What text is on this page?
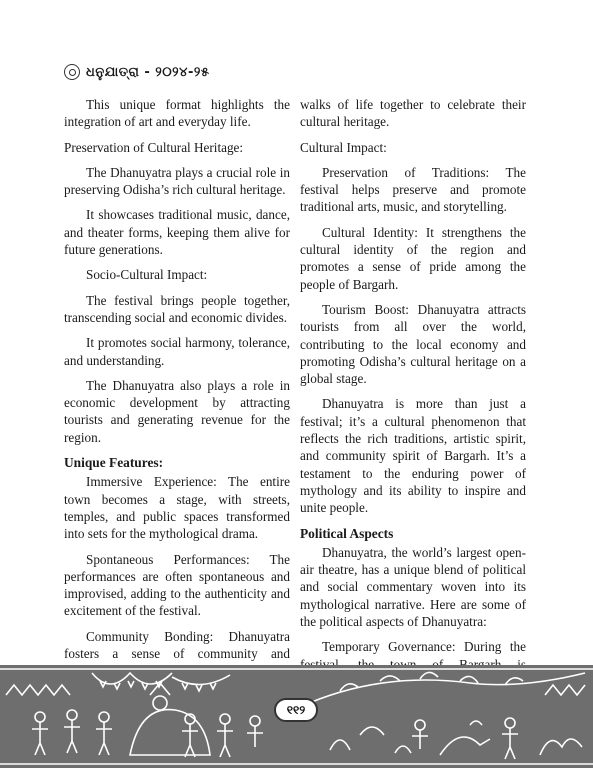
ଧନୁଯାତ୍ରା - ୨୦୨୪-୨୫

This unique format highlights the integration of art and everyday life.

Preservation of Cultural Heritage:

The Dhanuyatra plays a crucial role in preserving Odisha’s rich cultural heritage.

It showcases traditional music, dance, and theater forms, keeping them alive for future generations.

Socio-Cultural Impact:

The festival brings people together, transcending social and economic divides.

It promotes social harmony, tolerance, and understanding.

The Dhanuyatra also plays a role in economic development by attracting tourists and generating revenue for the region.

Unique Features:

Immersive Experience: The entire town becomes a stage, with streets, temples, and public spaces transformed into sets for the mythological drama.

Spontaneous Performances: The performances are often spontaneous and improvised, adding to the authenticity and excitement of the festival.

Community Bonding: Dhanuyatra fosters a sense of community and

walks of life together to celebrate their cultural heritage.

Cultural Impact:

Preservation of Traditions: The festival helps preserve and promote traditional arts, music, and storytelling.

Cultural Identity: It strengthens the cultural identity of the region and promotes a sense of pride among the people of Bargarh.

Tourism Boost: Dhanuyatra attracts tourists from all over the world, contributing to the local economy and promoting Odisha’s cultural heritage on a global stage.

Dhanuyatra is more than just a festival; it’s a cultural phenomenon that reflects the rich traditions, artistic spirit, and community spirit of Bargarh. It’s a testament to the enduring power of mythology and its ability to inspire and unite people.

Political Aspects

Dhanuyatra, the world’s largest open-air theatre, has a unique blend of political and social commentary woven into its mythological narrative. Here are some of the political aspects of Dhanuyatra:

Temporary Governance: During the

୧୧୨
